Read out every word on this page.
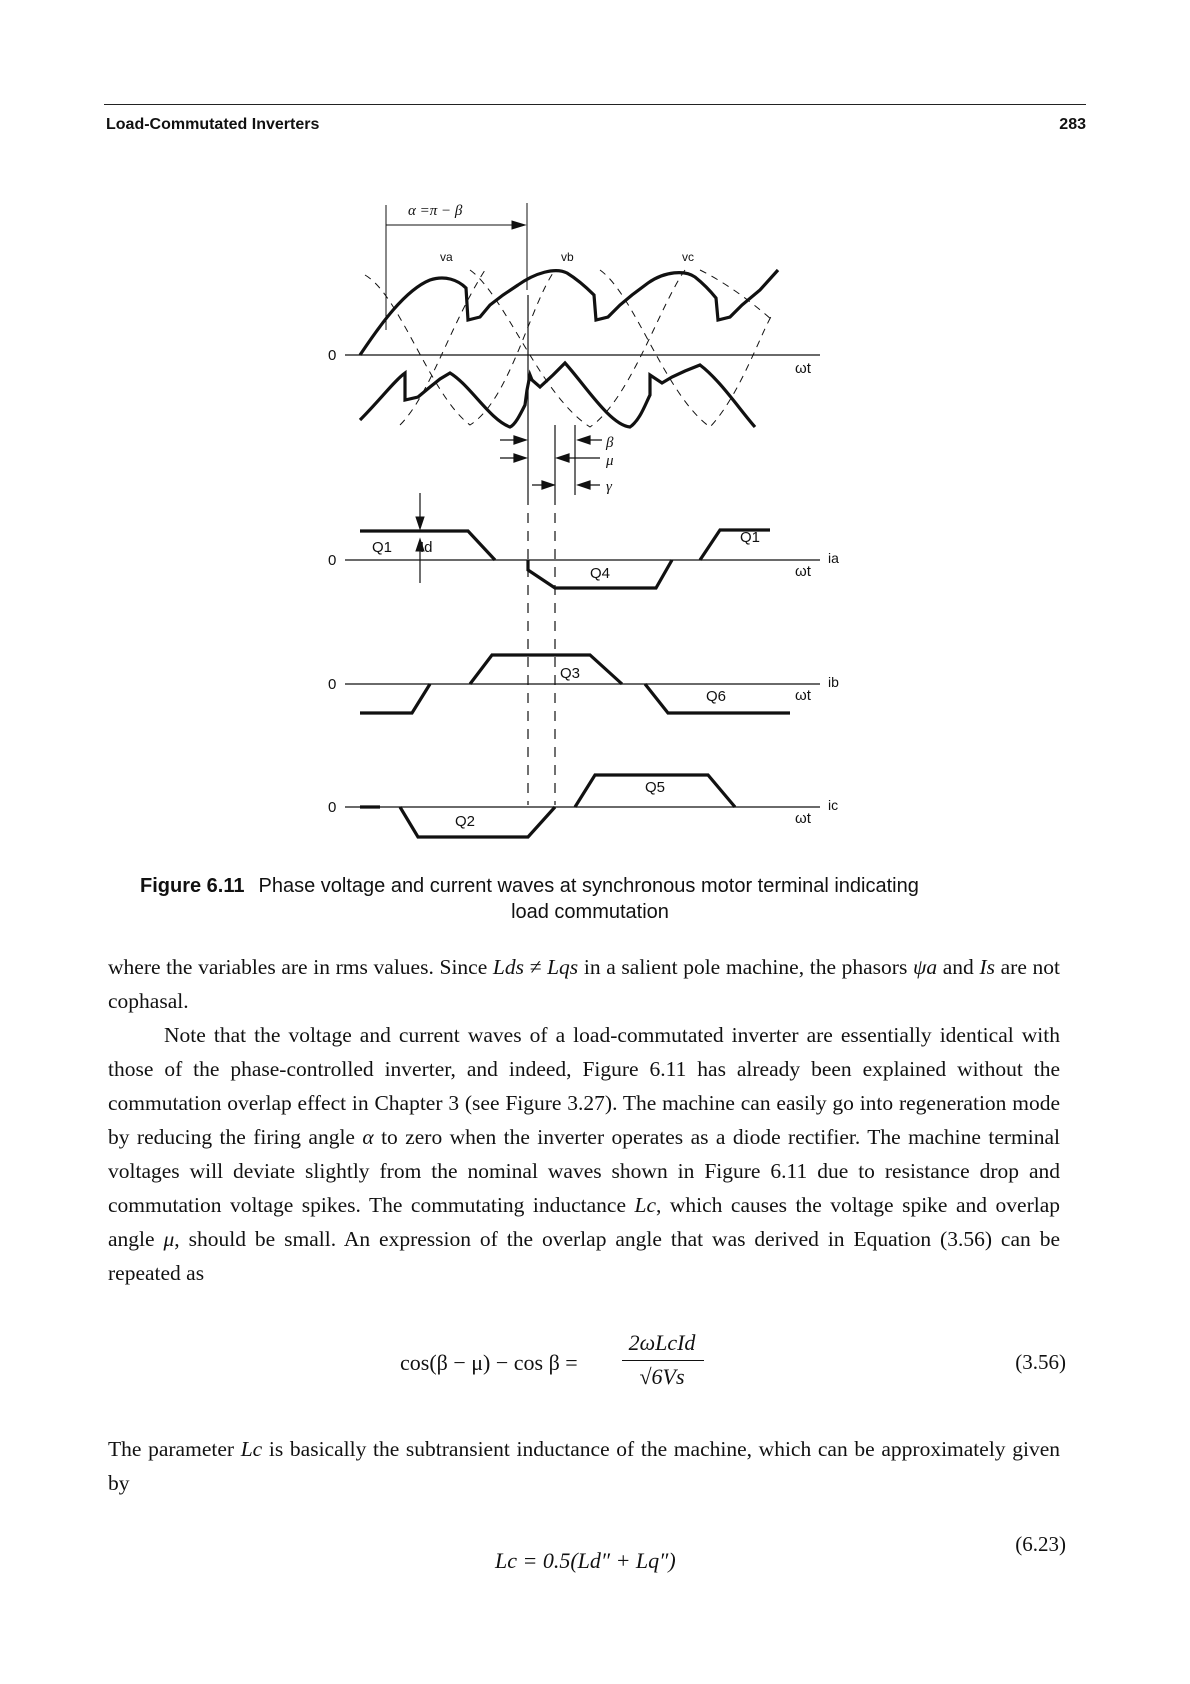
Load-Commutated Inverters	283
α =π − β
0
ωt
va	vb	vc
β
μ
γ
0
ωt
ia
Q1 Id
Q4
Q1
0
ωt
ib
Q3
Q6
0
ωt
ic
Q5
Q2
Figure 6.11 Phase voltage and current waves at synchronous motor terminal indicating
load commutation
where the variables are in rms values. Since Lds ≠ Lqs in a salient pole machine, the phasors ψa and Is are not cophasal.
Note that the voltage and current waves of a load-commutated inverter are essentially identical with those of the phase-controlled inverter, and indeed, Figure 6.11 has already been explained without the commutation overlap effect in Chapter 3 (see Figure 3.27). The machine can easily go into regeneration mode by reducing the firing angle α to zero when the inverter operates as a diode rectifier. The machine terminal voltages will deviate slightly from the nominal waves shown in Figure 6.11 due to resistance drop and commutation voltage spikes. The commutating inductance Lc, which causes the voltage spike and overlap angle μ, should be small. An expression of the overlap angle that was derived in Equation (3.56) can be repeated as
cos(β − μ) − cos β =
2ωLcId
√6Vs
(3.56)
The parameter Lc is basically the subtransient inductance of the machine, which can be approximately given by
Lc = 0.5(Ld″ + Lq″)
(6.23)
